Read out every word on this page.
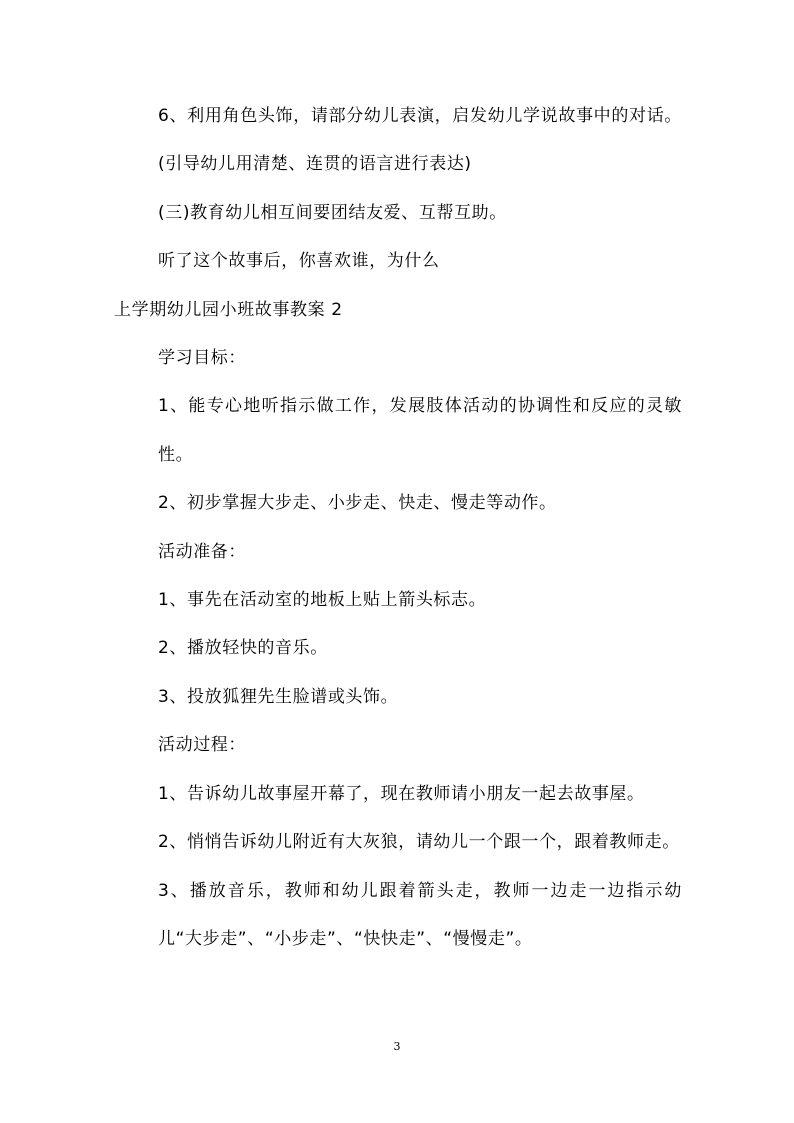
6、利用角色头饰，请部分幼儿表演，启发幼儿学说故事中的对话。(引导幼儿用清楚、连贯的语言进行表达)

(三)教育幼儿相互间要团结友爱、互帮互助。

听了这个故事后，你喜欢谁，为什么

上学期幼儿园小班故事教案 2

学习目标：

1、能专心地听指示做工作，发展肢体活动的协调性和反应的灵敏性。

2、初步掌握大步走、小步走、快走、慢走等动作。

活动准备：

1、事先在活动室的地板上贴上箭头标志。

2、播放轻快的音乐。

3、投放狐狸先生脸谱或头饰。

活动过程：

1、告诉幼儿故事屋开幕了，现在教师请小朋友一起去故事屋。

2、悄悄告诉幼儿附近有大灰狼，请幼儿一个跟一个，跟着教师走。

3、播放音乐，教师和幼儿跟着箭头走，教师一边走一边指示幼儿“大步走”、“小步走”、“快快走”、“慢慢走”。

3
